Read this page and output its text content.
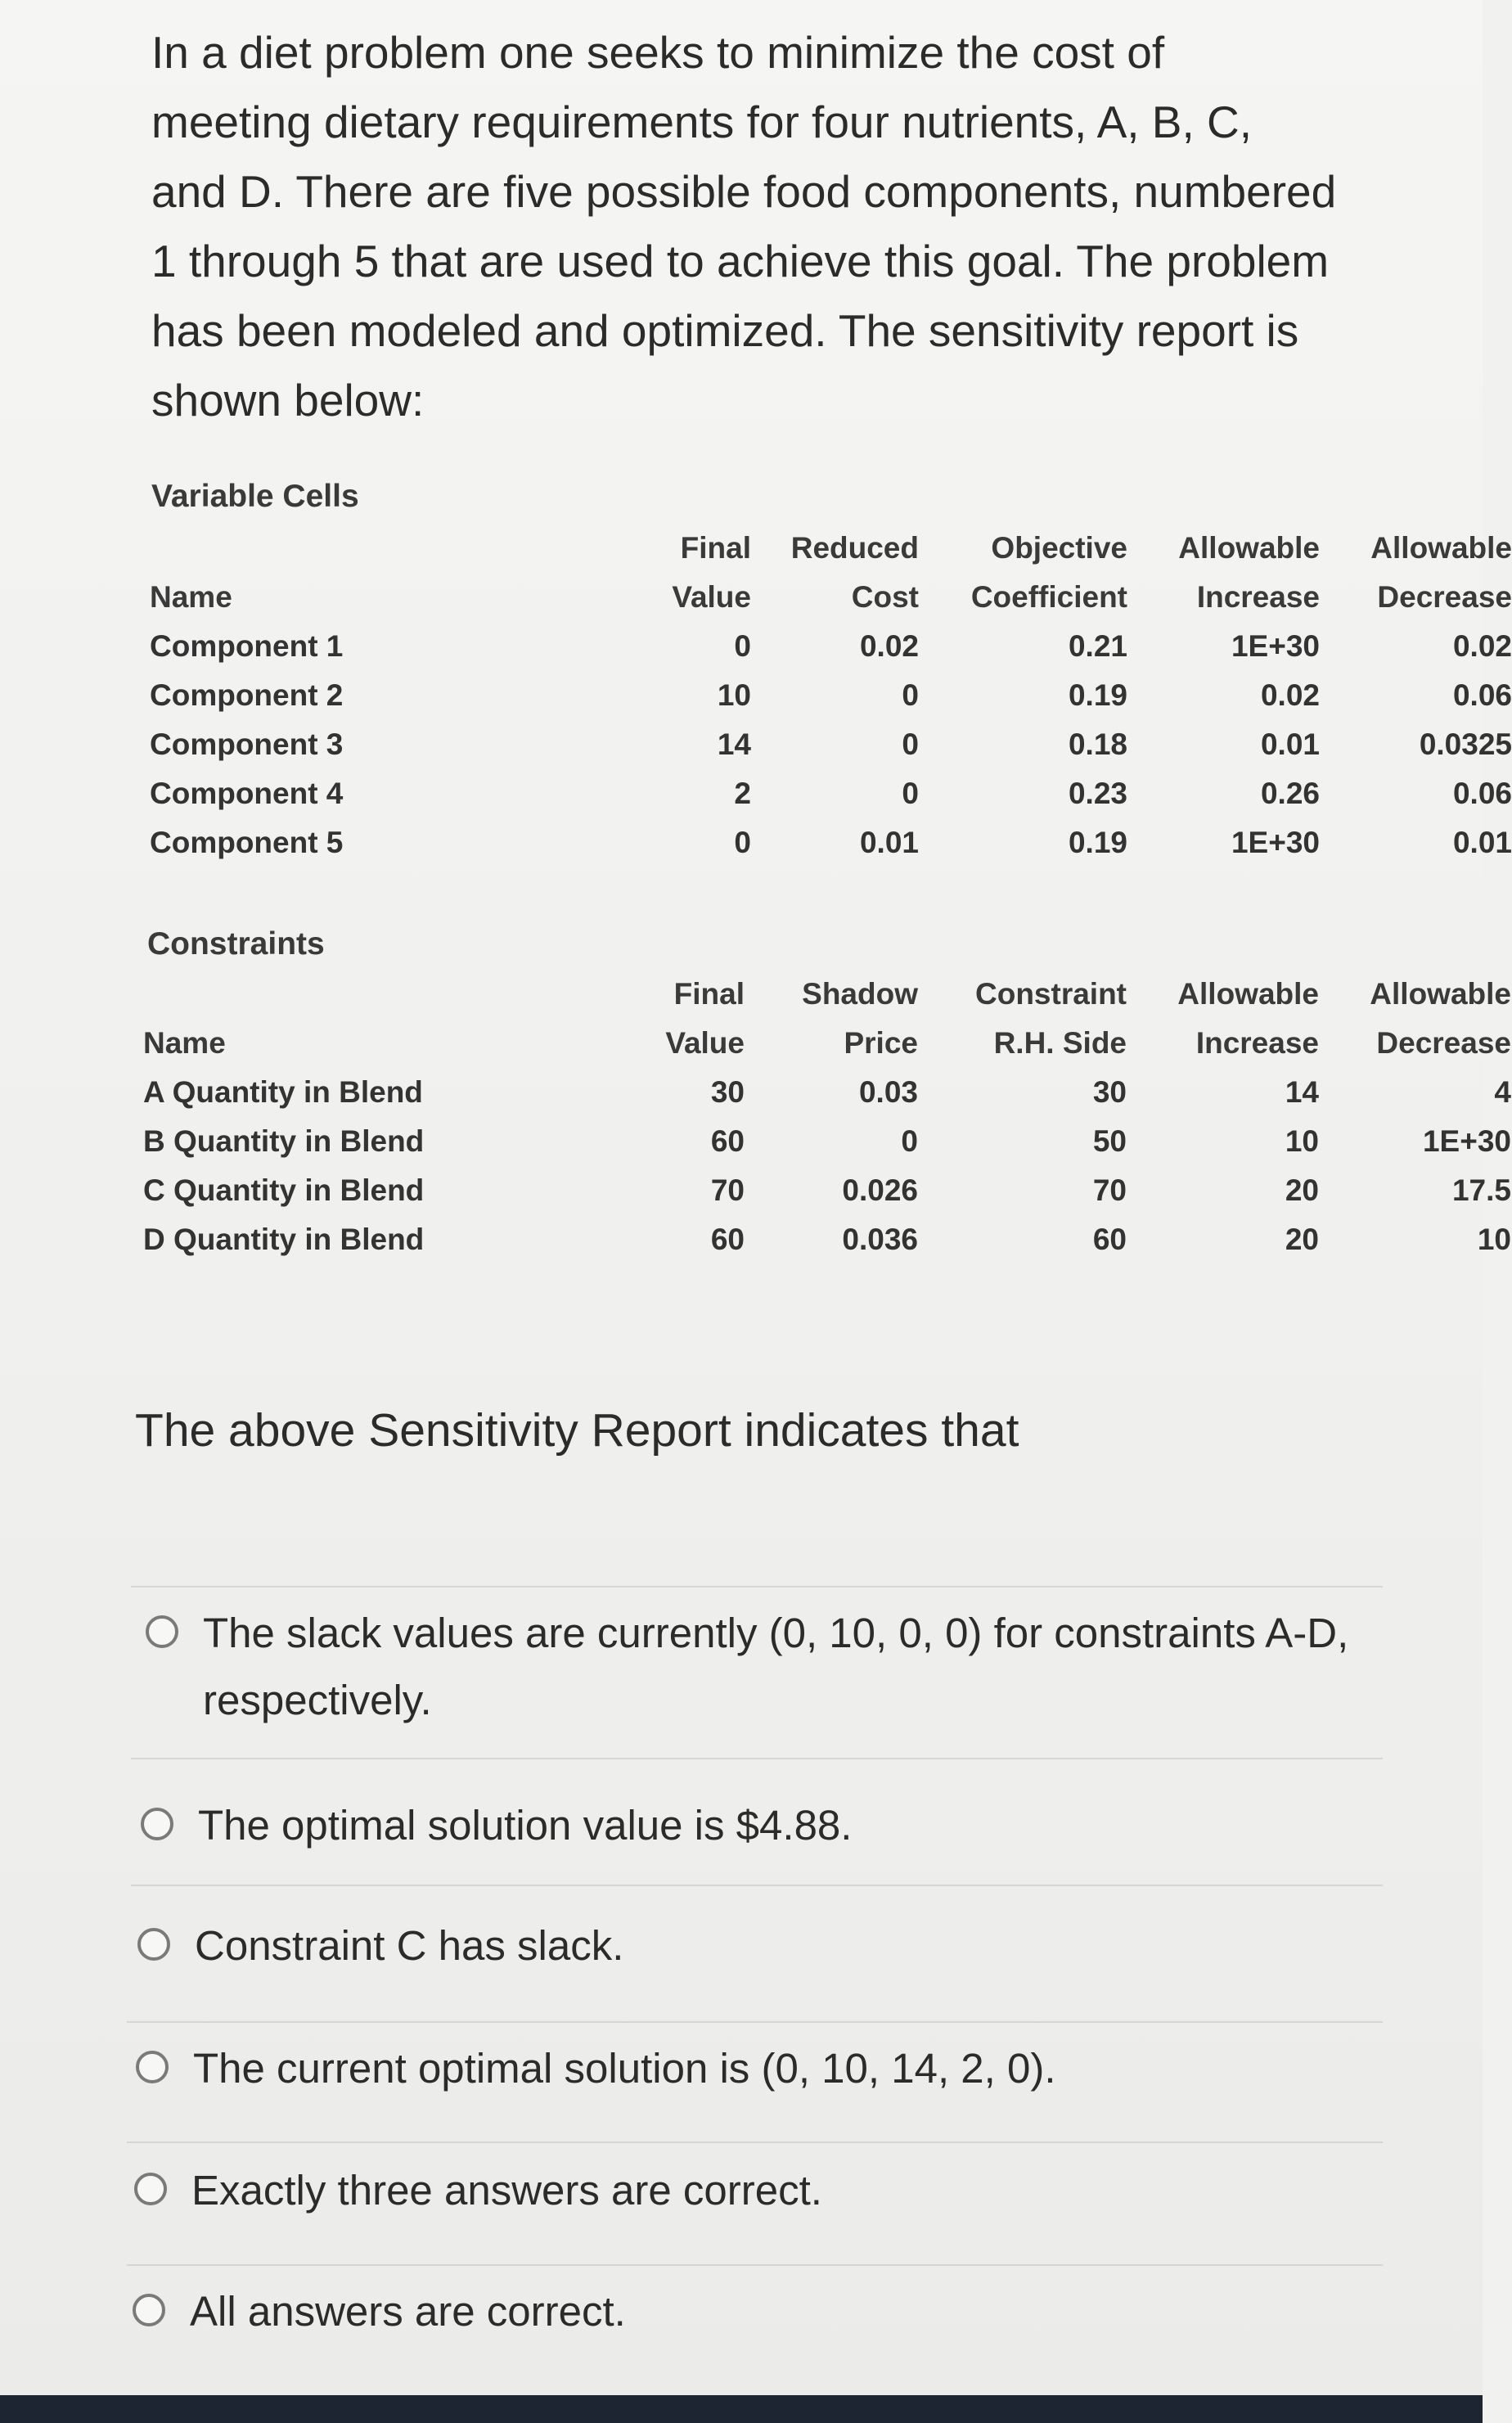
In a diet problem one seeks to minimize the cost of

meeting dietary requirements for four nutrients, A, B, C,

and D. There are five possible food components, numbered

1 through 5 that are used to achieve this goal. The problem

has been modeled and optimized. The sensitivity report is

shown below:

Variable Cells
	Final	Reduced	Objective	Allowable	Allowable
Name	Value	Cost	Coefficient	Increase	Decrease
Component 1	0	0.02	0.21	1E+30	0.02
Component 2	10	0	0.19	0.02	0.06
Component 3	14	0	0.18	0.01	0.0325
Component 4	2	0	0.23	0.26	0.06
Component 5	0	0.01	0.19	1E+30	0.01
Constraints
	Final	Shadow	Constraint	Allowable	Allowable
Name	Value	Price	R.H. Side	Increase	Decrease
A Quantity in Blend	30	0.03	30	14	4
B Quantity in Blend	60	0	50	10	1E+30
C Quantity in Blend	70	0.026	70	20	17.5
D Quantity in Blend	60	0.036	60	20	10
The above Sensitivity Report indicates that
The slack values are currently (0, 10, 0, 0) for constraints A-D,
respectively.
The optimal solution value is $4.88.
Constraint C has slack.
The current optimal solution is (0, 10, 14, 2, 0).
Exactly three answers are correct.
All answers are correct.
